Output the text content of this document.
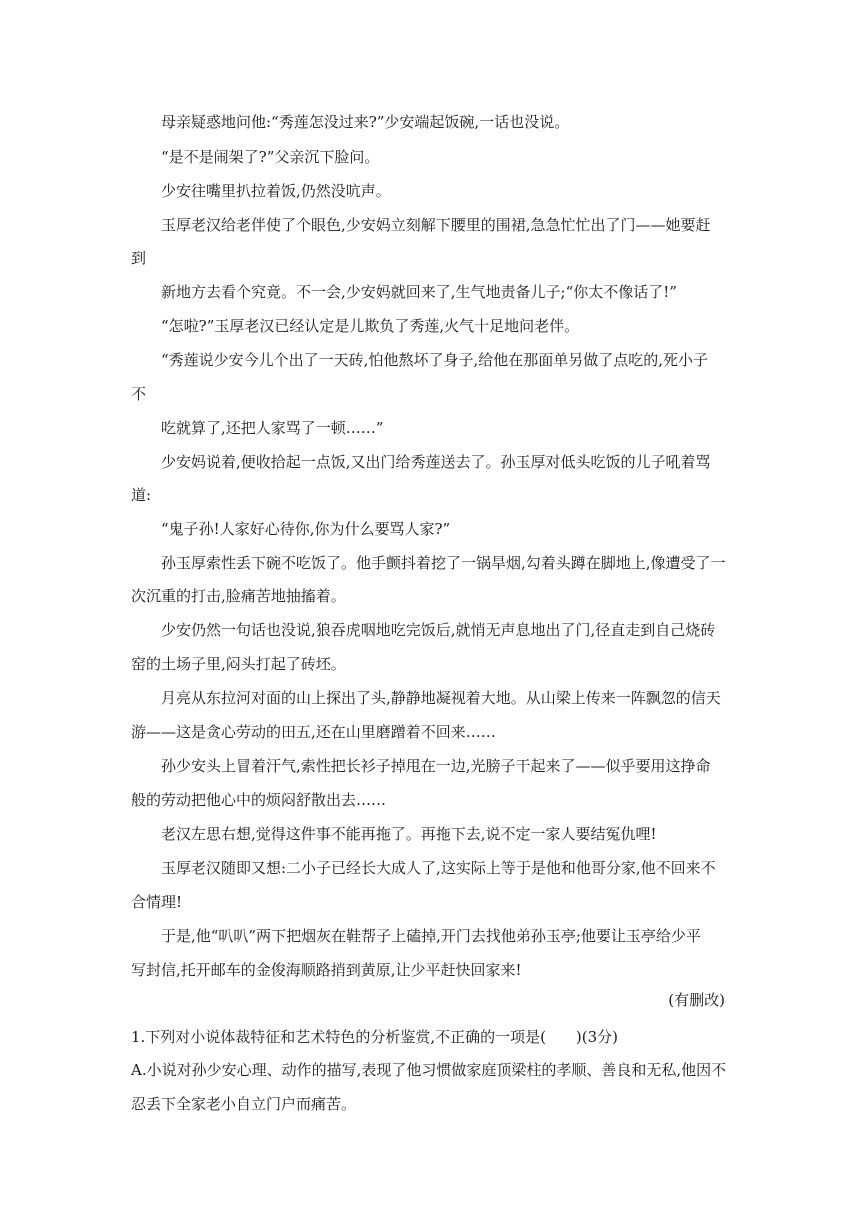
母亲疑惑地问他:“秀莲怎没过来?”少安端起饭碗,一话也没说。
“是不是闹架了?”父亲沉下脸问。
少安往嘴里扒拉着饭,仍然没吭声。
玉厚老汉给老伴使了个眼色,少安妈立刻解下腰里的围裙,急急忙忙出了门——她要赶
到
新地方去看个究竟。不一会,少安妈就回来了,生气地责备儿子;“你太不像话了!”
“怎啦?”玉厚老汉已经认定是儿欺负了秀莲,火气十足地问老伴。
“秀莲说少安今儿个出了一天砖,怕他熬坏了身子,给他在那面单另做了点吃的,死小子
不
吃就算了,还把人家骂了一顿……”
少安妈说着,便收拾起一点饭,又出门给秀莲送去了。孙玉厚对低头吃饭的儿子吼着骂
道:
“鬼子孙!人家好心待你,你为什么要骂人家?”
孙玉厚索性丢下碗不吃饭了。他手颤抖着挖了一锅旱烟,勾着头蹲在脚地上,像遭受了一
次沉重的打击,脸痛苦地抽搐着。
少安仍然一句话也没说,狼吞虎咽地吃完饭后,就悄无声息地出了门,径直走到自己烧砖
窑的土场子里,闷头打起了砖坯。
月亮从东拉河对面的山上探出了头,静静地凝视着大地。从山梁上传来一阵飘忽的信天
游——这是贪心劳动的田五,还在山里磨蹭着不回来……
孙少安头上冒着汗气,索性把长衫子掉甩在一边,光膀子干起来了——似乎要用这挣命
般的劳动把他心中的烦闷舒散出去……
老汉左思右想,觉得这件事不能再拖了。再拖下去,说不定一家人要结冤仇哩!
玉厚老汉随即又想:二小子已经长大成人了,这实际上等于是他和他哥分家,他不回来不
合情理!
于是,他“叭叭”两下把烟灰在鞋帮子上磕掉,开门去找他弟孙玉亭;他要让玉亭给少平
写封信,托开邮车的金俊海顺路捎到黄原,让少平赶快回家来!
(有删改)
1.下列对小说体裁特征和艺术特色的分析鉴赏,不正确的一项是(　　)(3分)
A.小说对孙少安心理、动作的描写,表现了他习惯做家庭顶梁柱的孝顺、善良和无私,他因不
忍丢下全家老小自立门户而痛苦。
